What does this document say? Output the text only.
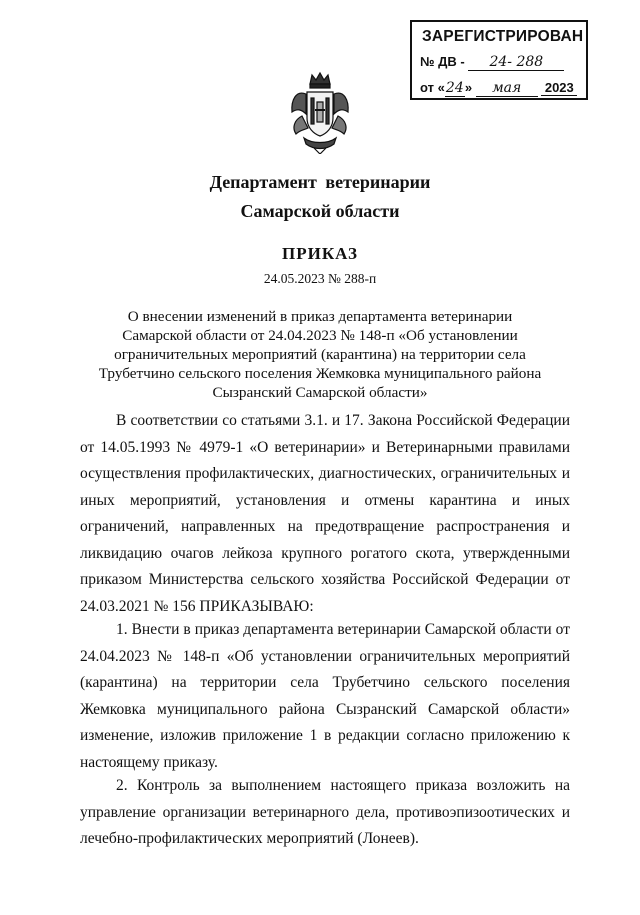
ЗАРЕГИСТРИРОВАН
№ ДВ - 24- 288
от «24» мая 2023
Департамент ветеринарии
Самарской области
ПРИКАЗ
24.05.2023 № 288-п
О внесении изменений в приказ департамента ветеринарии
Самарской области от 24.04.2023 № 148-п «Об установлении
ограничительных мероприятий (карантина) на территории села
Трубетчино сельского поселения Жемковка муниципального района
Сызранский Самарской области»
В соответствии со статьями 3.1. и 17. Закона Российской Федерации от 14.05.1993 № 4979-1 «О ветеринарии» и Ветеринарными правилами осуществления профилактических, диагностических, ограничительных и иных мероприятий, установления и отмены карантина и иных ограничений, направленных на предотвращение распространения и ликвидацию очагов лейкоза крупного рогатого скота, утвержденными приказом Министерства сельского хозяйства Российской Федерации от 24.03.2021 № 156 ПРИКАЗЫВАЮ:
1. Внести в приказ департамента ветеринарии Самарской области от 24.04.2023 № 148-п «Об установлении ограничительных мероприятий (карантина) на территории села Трубетчино сельского поселения Жемковка муниципального района Сызранский Самарской области» изменение, изложив приложение 1 в редакции согласно приложению к настоящему приказу.
2. Контроль за выполнением настоящего приказа возложить на управление организации ветеринарного дела, противоэпизоотических и лечебно-профилактических мероприятий (Лонеев).
